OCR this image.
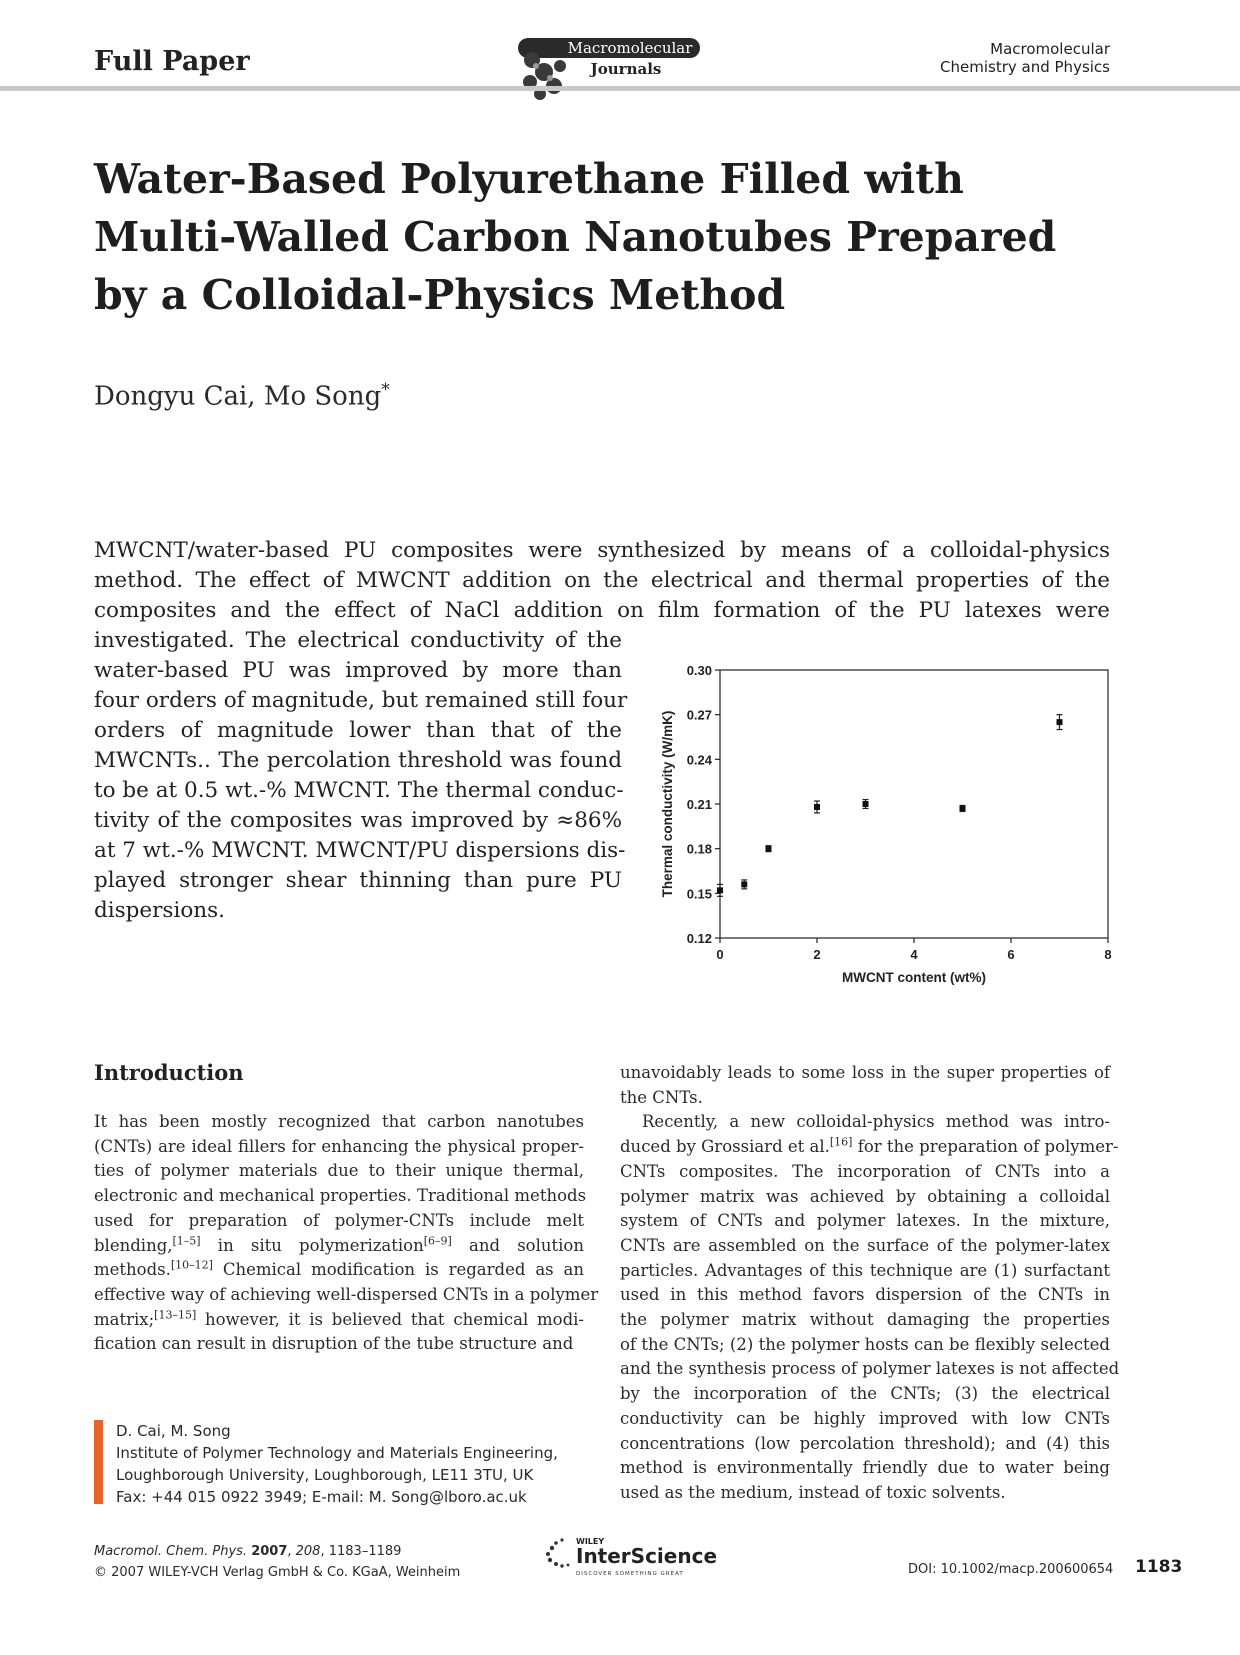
Full Paper	Macromolecular
Journals
Macromolecular
Chemistry and Physics
Water-Based Polyurethane Filled with
Multi-Walled Carbon Nanotubes Prepared
by a Colloidal-Physics Method
Dongyu Cai, Mo Song*
MWCNT/water-based PU composites were synthesized by means of a colloidal-physics
method. The effect of MWCNT addition on the electrical and thermal properties of the
composites and the effect of NaCl addition on film formation of the PU latexes were
investigated. The electrical conductivity of the
water-based PU was improved by more than
four orders of magnitude, but remained still four
orders of magnitude lower than that of the
MWCNTs.. The percolation threshold was found
to be at 0.5 wt.-% MWCNT. The thermal conduc-
tivity of the composites was improved by ≈86%
at 7 wt.-% MWCNT. MWCNT/PU dispersions dis-
played stronger shear thinning than pure PU
dispersions.
0.12
0.15
0.18
0.21
0.24
0.27
0.30
0	2	4	6	8
MWCNT content (wt%)
Thermal conductivity (W/mK)
Introduction
It has been mostly recognized that carbon nanotubes
(CNTs) are ideal fillers for enhancing the physical proper-
ties of polymer materials due to their unique thermal,
electronic and mechanical properties. Traditional methods
used for preparation of polymer-CNTs include melt
blending,[1–5] in situ polymerization[6–9] and solution
methods.[10–12] Chemical modification is regarded as an
effective way of achieving well-dispersed CNTs in a polymer
matrix;[13–15] however, it is believed that chemical modi-
fication can result in disruption of the tube structure and
unavoidably leads to some loss in the super properties of
the CNTs.
Recently, a new colloidal-physics method was intro-
duced by Grossiard et al.[16] for the preparation of polymer-
CNTs composites. The incorporation of CNTs into a
polymer matrix was achieved by obtaining a colloidal
system of CNTs and polymer latexes. In the mixture,
CNTs are assembled on the surface of the polymer-latex
particles. Advantages of this technique are (1) surfactant
used in this method favors dispersion of the CNTs in
the polymer matrix without damaging the properties
of the CNTs; (2) the polymer hosts can be flexibly selected
and the synthesis process of polymer latexes is not affected
by the incorporation of the CNTs; (3) the electrical
conductivity can be highly improved with low CNTs
concentrations (low percolation threshold); and (4) this
method is environmentally friendly due to water being
used as the medium, instead of toxic solvents.
D. Cai, M. Song
Institute of Polymer Technology and Materials Engineering,
Loughborough University, Loughborough, LE11 3TU, UK
Fax: +44 015 0922 3949; E-mail: M. Song@lboro.ac.uk
Macromol. Chem. Phys. 2007, 208, 1183–1189
© 2007 WILEY-VCH Verlag GmbH & Co. KGaA, Weinheim
WILEY
InterScience
DISCOVER SOMETHING GREAT	DOI: 10.1002/macp.200600654 1183
